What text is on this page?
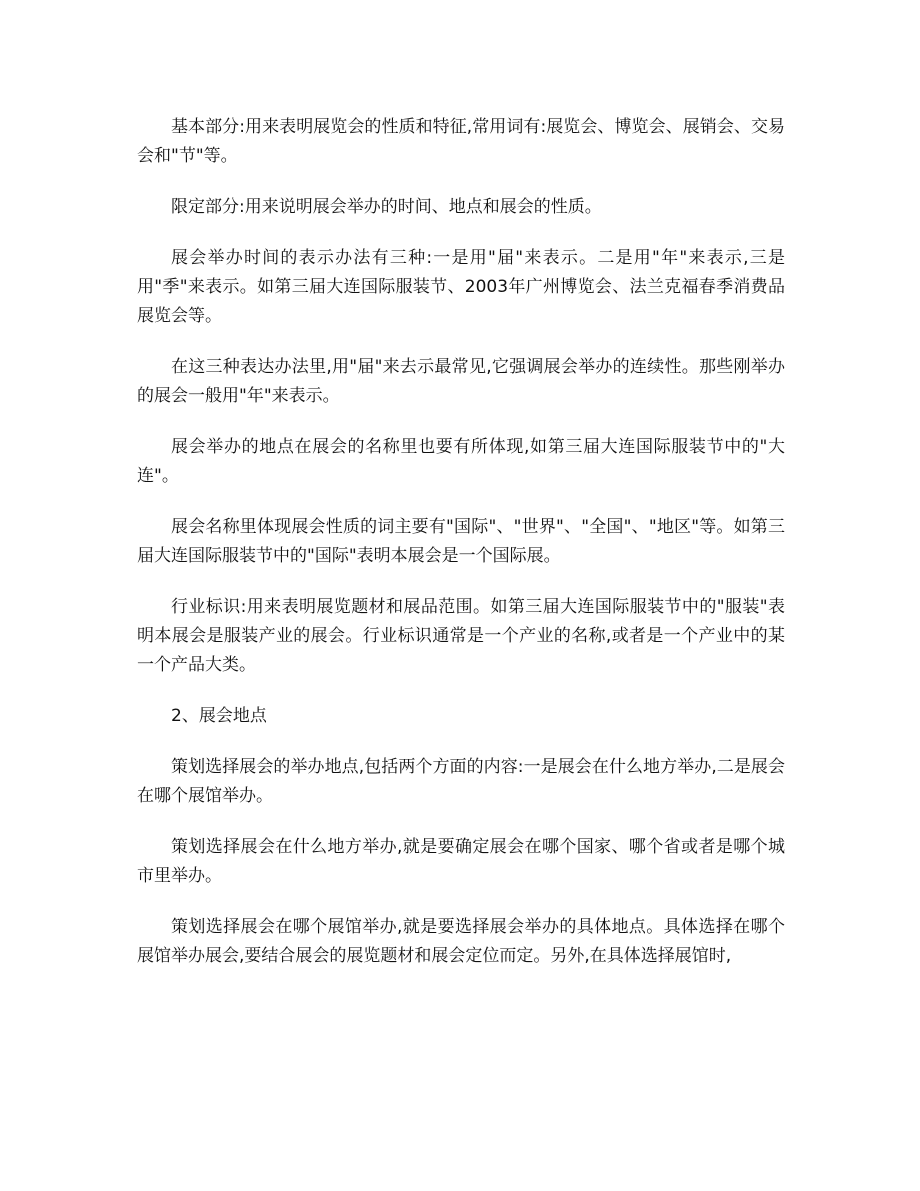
基本部分:用来表明展览会的性质和特征,常用词有:展览会、博览会、展销会、交易会和"节"等。

限定部分:用来说明展会举办的时间、地点和展会的性质。

展会举办时间的表示办法有三种:一是用"届"来表示。二是用"年"来表示,三是用"季"来表示。如第三届大连国际服装节、2003年广州博览会、法兰克福春季消费品展览会等。

在这三种表达办法里,用"届"来去示最常见,它强调展会举办的连续性。那些刚举办的展会一般用"年"来表示。

展会举办的地点在展会的名称里也要有所体现,如第三届大连国际服装节中的"大连"。

展会名称里体现展会性质的词主要有"国际"、"世界"、"全国"、"地区"等。如第三届大连国际服装节中的"国际"表明本展会是一个国际展。

行业标识:用来表明展览题材和展品范围。如第三届大连国际服装节中的"服装"表明本展会是服装产业的展会。行业标识通常是一个产业的名称,或者是一个产业中的某一个产品大类。

2、展会地点

策划选择展会的举办地点,包括两个方面的内容:一是展会在什么地方举办,二是展会在哪个展馆举办。

策划选择展会在什么地方举办,就是要确定展会在哪个国家、哪个省或者是哪个城市里举办。

策划选择展会在哪个展馆举办,就是要选择展会举办的具体地点。具体选择在哪个展馆举办展会,要结合展会的展览题材和展会定位而定。另外,在具体选择展馆时,
